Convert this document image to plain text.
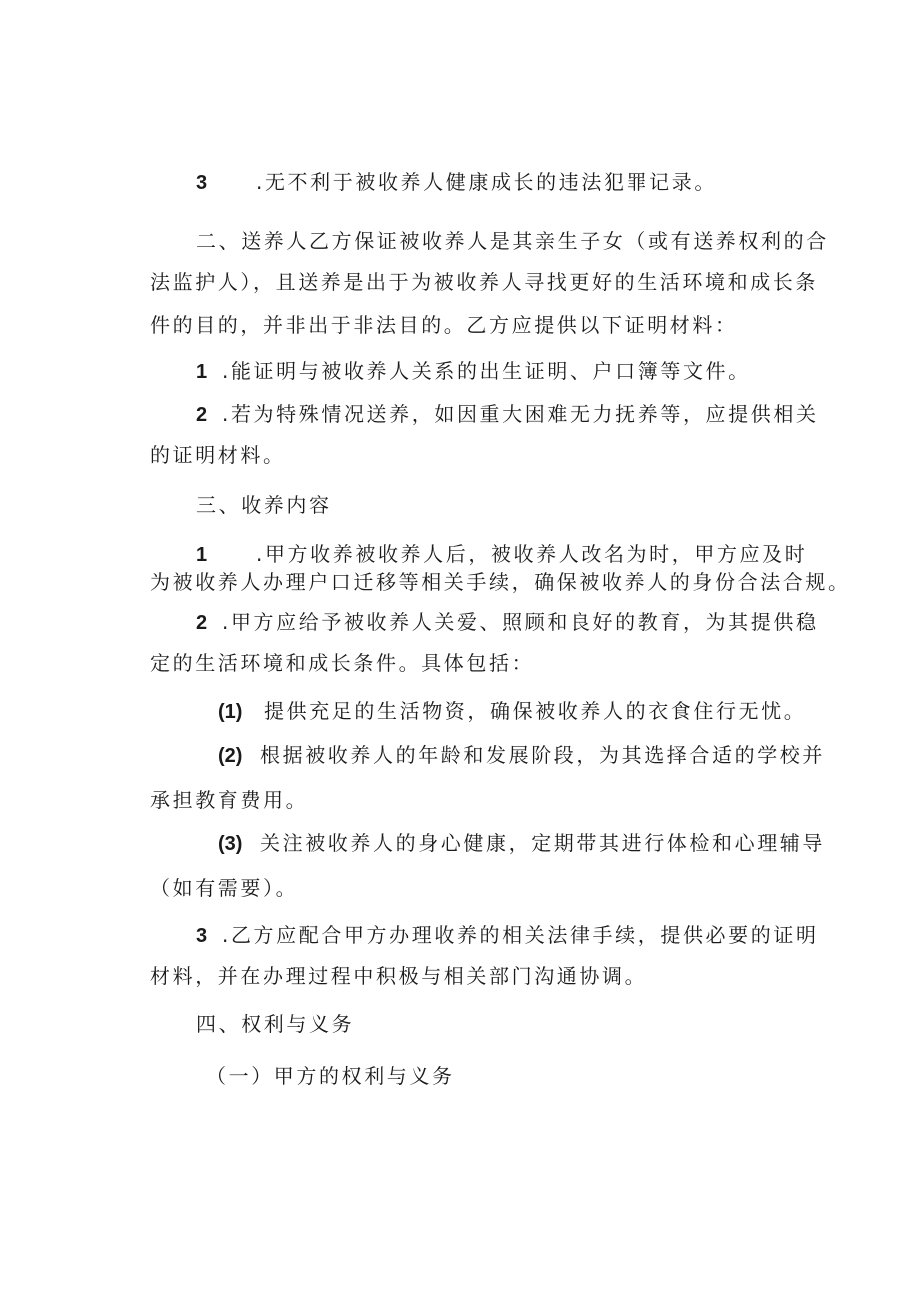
3 .无不利于被收养人健康成长的违法犯罪记录。
二、送养人乙方保证被收养人是其亲生子女（或有送养权利的合
法监护人），且送养是出于为被收养人寻找更好的生活环境和成长条
件的目的，并非出于非法目的。乙方应提供以下证明材料：
1 .能证明与被收养人关系的出生证明、户口簿等文件。
2 .若为特殊情况送养，如因重大困难无力抚养等，应提供相关
的证明材料。
三、收养内容
1 .甲方收养被收养人后，被收养人改名为时，甲方应及时
为被收养人办理户口迁移等相关手续，确保被收养人的身份合法合规。
2 .甲方应给予被收养人关爱、照顾和良好的教育，为其提供稳
定的生活环境和成长条件。具体包括：
(1) 提供充足的生活物资，确保被收养人的衣食住行无忧。
(2) 根据被收养人的年龄和发展阶段，为其选择合适的学校并
承担教育费用。
(3) 关注被收养人的身心健康，定期带其进行体检和心理辅导
（如有需要）。
3 .乙方应配合甲方办理收养的相关法律手续，提供必要的证明
材料，并在办理过程中积极与相关部门沟通协调。
四、权利与义务
（一）甲方的权利与义务
